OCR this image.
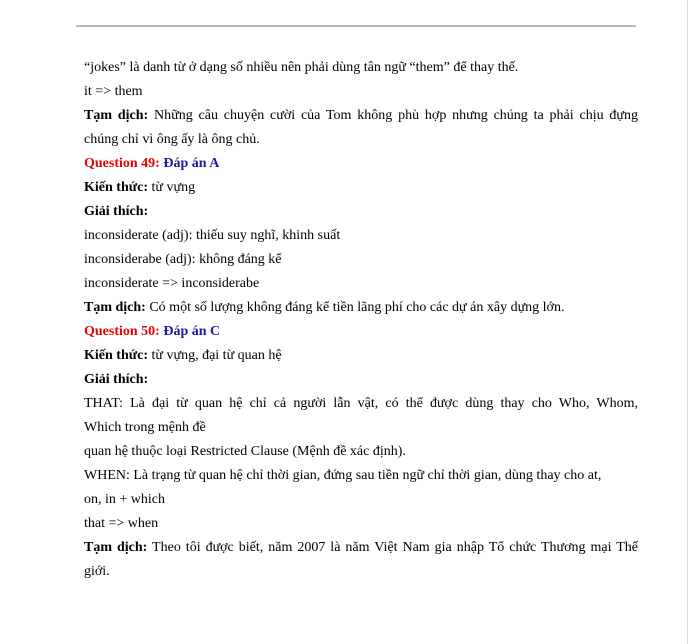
“jokes” là danh từ ở dạng số nhiều nên phải dùng tân ngữ “them” để thay thế.
it => them
Tạm dịch: Những câu chuyện cười của Tom không phù hợp nhưng chúng ta phải chịu đựng
chúng chỉ vì ông ấy là ông chủ.
Question 49: Đáp án A
Kiến thức: từ vựng
Giải thích:
inconsiderate (adj): thiếu suy nghĩ, khinh suất
inconsiderabe (adj): không đáng kể
inconsiderate => inconsiderabe
Tạm dịch: Có một số lượng không đáng kể tiền lãng phí cho các dự án xây dựng lớn.
Question 50: Đáp án C
Kiến thức: từ vựng, đại từ quan hệ
Giải thích:
THAT: Là đại từ quan hệ chỉ cả người lẫn vật, có thể được dùng thay cho Who, Whom,
Which trong mệnh đề
quan hệ thuộc loại Restricted Clause (Mệnh đề xác định).
WHEN: Là trạng từ quan hệ chỉ thời gian, đứng sau tiền ngữ chỉ thời gian, dùng thay cho at,
on, in + which
that => when
Tạm dịch: Theo tôi được biết, năm 2007 là năm Việt Nam gia nhập Tổ chức Thương mại Thế
giới.
